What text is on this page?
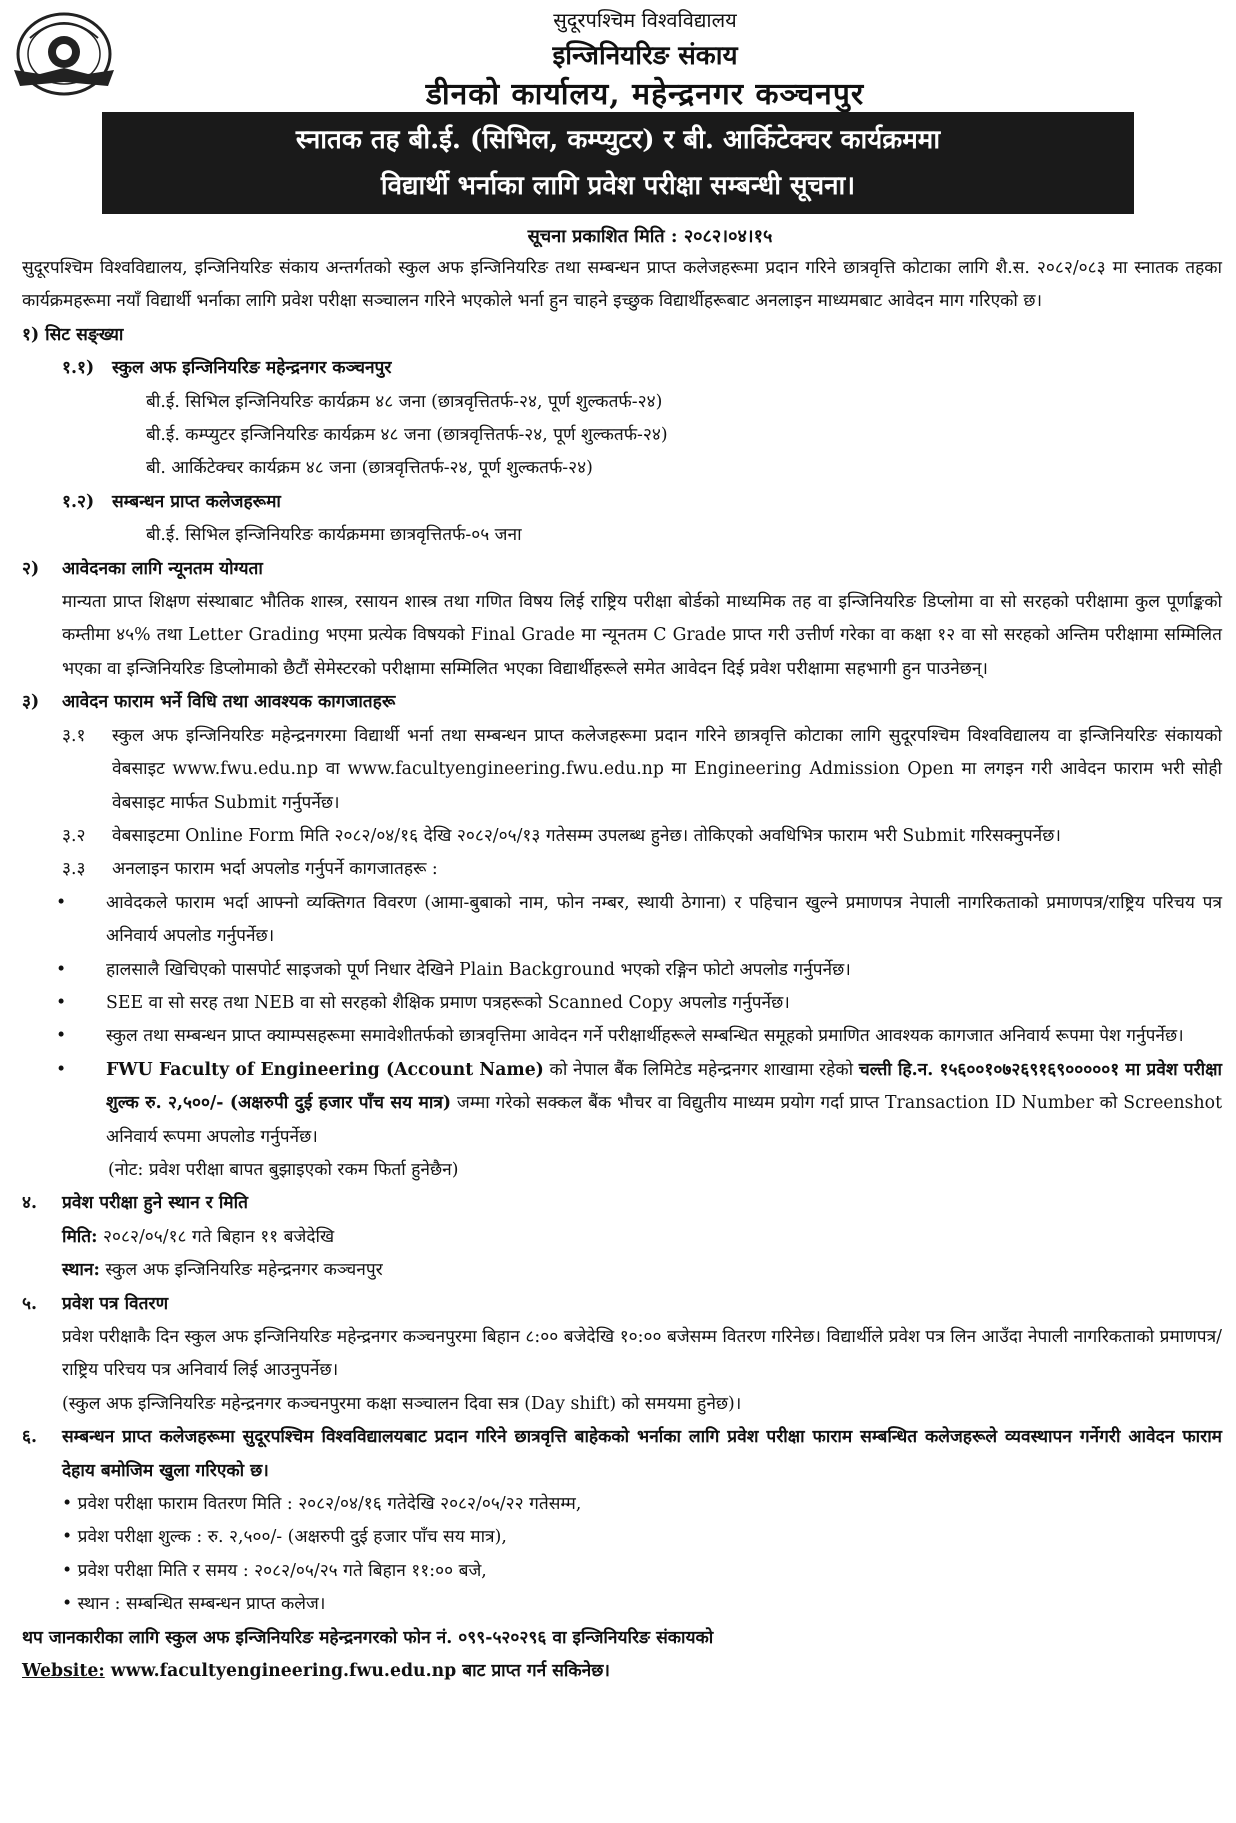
सुदूरपश्चिम विश्वविद्यालय
इन्जिनियरिङ संकाय
डीनको कार्यालय, महेन्द्रनगर कञ्चनपुर
स्नातक तह बी.ई. (सिभिल, कम्प्युटर) र बी. आर्किटेक्चर कार्यक्रममा
विद्यार्थी भर्नाका लागि प्रवेश परीक्षा सम्बन्धी सूचना।
सूचना प्रकाशित मिति : २०८२।०४।१५
सुदूरपश्चिम विश्वविद्यालय, इन्जिनियरिङ संकाय अन्तर्गतको स्कुल अफ इन्जिनियरिङ तथा सम्बन्धन प्राप्त कलेजहरूमा प्रदान गरिने छात्रवृत्ति कोटाका लागि शै.स. २०८२/०८३ मा स्नातक तहका कार्यक्रमहरूमा नयाँ विद्यार्थी भर्नाका लागि प्रवेश परीक्षा सञ्चालन गरिने भएकोले भर्ना हुन चाहने इच्छुक विद्यार्थीहरूबाट अनलाइन माध्यमबाट आवेदन माग गरिएको छ।
१) सिट सङ्ख्या
१.१)	स्कुल अफ इन्जिनियरिङ महेन्द्रनगर कञ्चनपुर
बी.ई. सिभिल इन्जिनियरिङ कार्यक्रम ४८ जना (छात्रवृत्तितर्फ-२४, पूर्ण शुल्कतर्फ-२४)
बी.ई. कम्प्युटर इन्जिनियरिङ कार्यक्रम ४८ जना (छात्रवृत्तितर्फ-२४, पूर्ण शुल्कतर्फ-२४)
बी. आर्किटेक्चर कार्यक्रम ४८ जना (छात्रवृत्तितर्फ-२४, पूर्ण शुल्कतर्फ-२४)
१.२)	सम्बन्धन प्राप्त कलेजहरूमा
बी.ई. सिभिल इन्जिनियरिङ कार्यक्रममा छात्रवृत्तितर्फ-०५ जना
२)	आवेदनका लागि न्यूनतम योग्यता
मान्यता प्राप्त शिक्षण संस्थाबाट भौतिक शास्त्र, रसायन शास्त्र तथा गणित विषय लिई राष्ट्रिय परीक्षा बोर्डको माध्यमिक तह वा इन्जिनियरिङ डिप्लोमा वा सो सरहको परीक्षामा कुल पूर्णाङ्कको कम्तीमा ४५% तथा Letter Grading भएमा प्रत्येक विषयको Final Grade मा न्यूनतम C Grade प्राप्त गरी उत्तीर्ण गरेका वा कक्षा १२ वा सो सरहको अन्तिम परीक्षामा सम्मिलित भएका वा इन्जिनियरिङ डिप्लोमाको छैटौं सेमेस्टरको परीक्षामा सम्मिलित भएका विद्यार्थीहरूले समेत आवेदन दिई प्रवेश परीक्षामा सहभागी हुन पाउनेछन्।
३)	आवेदन फाराम भर्ने विधि तथा आवश्यक कागजातहरू
३.१	स्कुल अफ इन्जिनियरिङ महेन्द्रनगरमा विद्यार्थी भर्ना तथा सम्बन्धन प्राप्त कलेजहरूमा प्रदान गरिने छात्रवृत्ति कोटाका लागि सुदूरपश्चिम विश्वविद्यालय वा इन्जिनियरिङ संकायको वेबसाइट www.fwu.edu.np वा www.facultyengineering.fwu.edu.np मा Engineering Admission Open मा लगइन गरी आवेदन फाराम भरी सोही वेबसाइट मार्फत Submit गर्नुपर्नेछ।
३.२	वेबसाइटमा Online Form मिति २०८२/०४/१६ देखि २०८२/०५/१३ गतेसम्म उपलब्ध हुनेछ। तोकिएको अवधिभित्र फाराम भरी Submit गरिसक्नुपर्नेछ।
३.३	अनलाइन फाराम भर्दा अपलोड गर्नुपर्ने कागजातहरू :
•	आवेदकले फाराम भर्दा आफ्नो व्यक्तिगत विवरण (आमा-बुबाको नाम, फोन नम्बर, स्थायी ठेगाना) र पहिचान खुल्ने प्रमाणपत्र नेपाली नागरिकताको प्रमाणपत्र/राष्ट्रिय परिचय पत्र अनिवार्य अपलोड गर्नुपर्नेछ।
•	हालसालै खिचिएको पासपोर्ट साइजको पूर्ण निधार देखिने Plain Background भएको रङ्गिन फोटो अपलोड गर्नुपर्नेछ।
•	SEE वा सो सरह तथा NEB वा सो सरहको शैक्षिक प्रमाण पत्रहरूको Scanned Copy अपलोड गर्नुपर्नेछ।
•	स्कुल तथा सम्बन्धन प्राप्त क्याम्पसहरूमा समावेशीतर्फको छात्रवृत्तिमा आवेदन गर्ने परीक्षार्थीहरूले सम्बन्धित समूहको प्रमाणित आवश्यक कागजात अनिवार्य रूपमा पेश गर्नुपर्नेछ।
•	FWU Faculty of Engineering (Account Name) को नेपाल बैंक लिमिटेड महेन्द्रनगर शाखामा रहेको चल्ती हि.न. १५६००१०७२६९१६९०००००१ मा प्रवेश परीक्षा शुल्क रु. २,५००/- (अक्षरुपी दुई हजार पाँच सय मात्र) जम्मा गरेको सक्कल बैंक भौचर वा विद्युतीय माध्यम प्रयोग गर्दा प्राप्त Transaction ID Number को Screenshot अनिवार्य रूपमा अपलोड गर्नुपर्नेछ।
(नोट: प्रवेश परीक्षा बापत बुझाइएको रकम फिर्ता हुनेछैन)
४.	प्रवेश परीक्षा हुने स्थान र मिति
मिति: २०८२/०५/१८ गते बिहान ११ बजेदेखि
स्थान: स्कुल अफ इन्जिनियरिङ महेन्द्रनगर कञ्चनपुर
५.	प्रवेश पत्र वितरण
प्रवेश परीक्षाकै दिन स्कुल अफ इन्जिनियरिङ महेन्द्रनगर कञ्चनपुरमा बिहान ८:०० बजेदेखि १०:०० बजेसम्म वितरण गरिनेछ। विद्यार्थीले प्रवेश पत्र लिन आउँदा नेपाली नागरिकताको प्रमाणपत्र/राष्ट्रिय परिचय पत्र अनिवार्य लिई आउनुपर्नेछ।
(स्कुल अफ इन्जिनियरिङ महेन्द्रनगर कञ्चनपुरमा कक्षा सञ्चालन दिवा सत्र (Day shift) को समयमा हुनेछ)।
६.	सम्बन्धन प्राप्त कलेजहरूमा सुदूरपश्चिम विश्वविद्यालयबाट प्रदान गरिने छात्रवृत्ति बाहेकको भर्नाका लागि प्रवेश परीक्षा फाराम सम्बन्धित कलेजहरूले व्यवस्थापन गर्नेगरी आवेदन फाराम देहाय बमोजिम खुला गरिएको छ।
• प्रवेश परीक्षा फाराम वितरण मिति : २०८२/०४/१६ गतेदेखि २०८२/०५/२२ गतेसम्म,
• प्रवेश परीक्षा शुल्क : रु. २,५००/- (अक्षरुपी दुई हजार पाँच सय मात्र),
• प्रवेश परीक्षा मिति र समय : २०८२/०५/२५ गते बिहान ११:०० बजे,
• स्थान : सम्बन्धित सम्बन्धन प्राप्त कलेज।
थप जानकारीका लागि स्कुल अफ इन्जिनियरिङ महेन्द्रनगरको फोन नं. ०९९-५२०२९६ वा इन्जिनियरिङ संकायको
Website: www.facultyengineering.fwu.edu.np बाट प्राप्त गर्न सकिनेछ।
